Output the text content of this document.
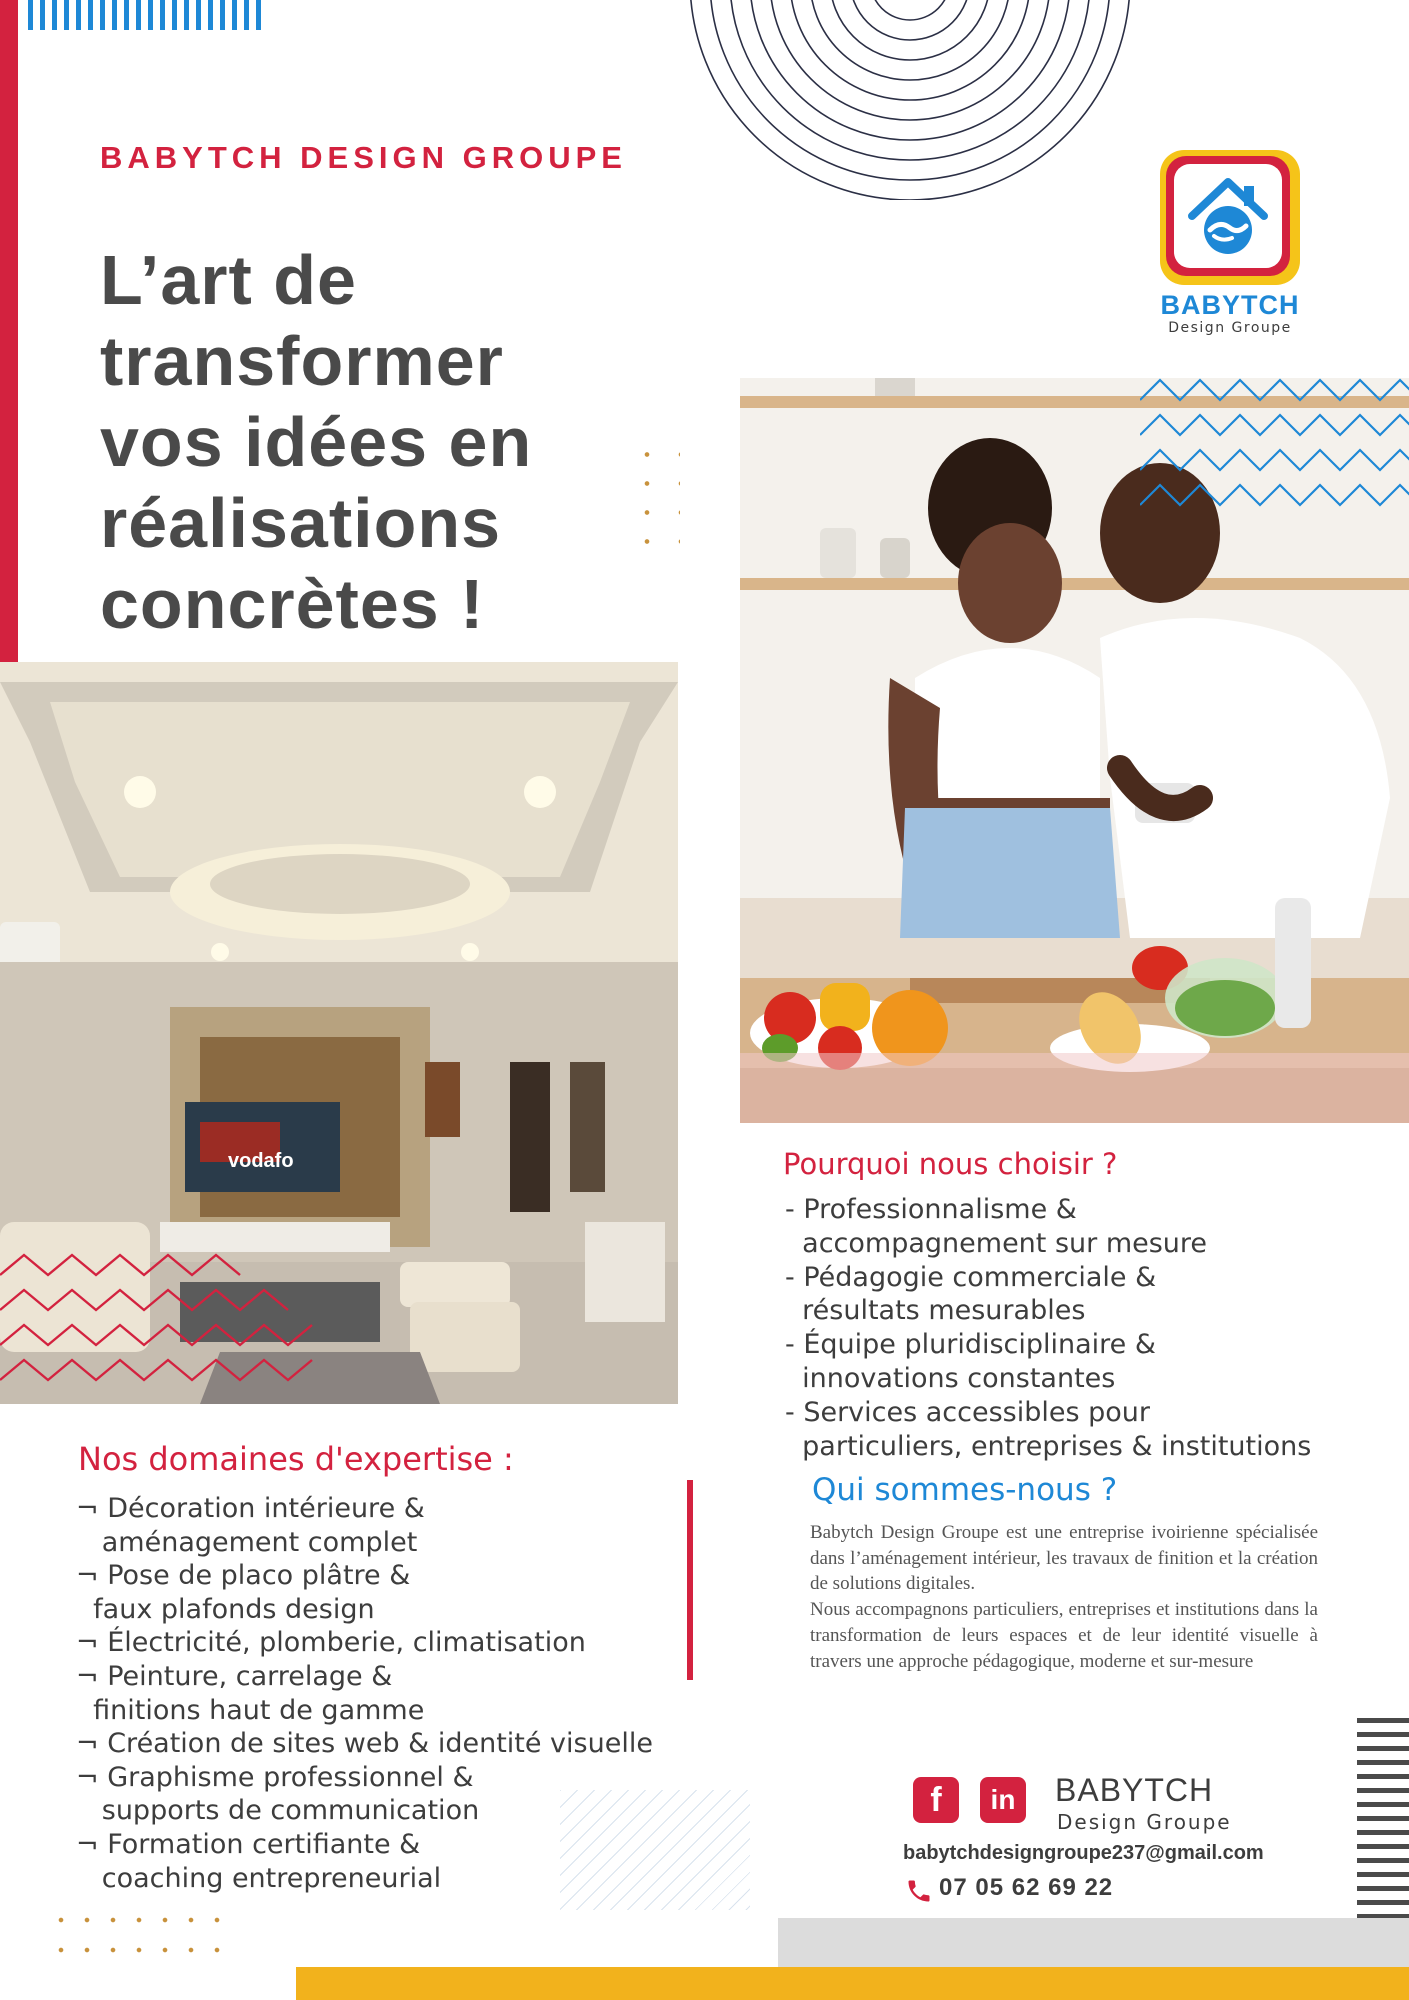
BABYTCH DESIGN GROUPE
L’art de
transformer
vos idées en
réalisations
concrètes !
BABYTCH
Design Groupe
vodafo	Pourquoi nous choisir ?
- Professionnalisme &
accompagnement sur mesure
- Pédagogie commerciale &
résultats mesurables
- Équipe pluridisciplinaire &
innovations constantes
- Services accessibles pour
particuliers, entreprises & institutions
Nos domaines d'expertise :
¬ Décoration intérieure &
aménagement complet
¬ Pose de placo plâtre &
faux plafonds design
¬ Électricité, plomberie, climatisation
¬ Peinture, carrelage &
finitions haut de gamme
¬ Création de sites web & identité visuelle
¬ Graphisme professionnel &
supports de communication
¬ Formation certifiante &
coaching entrepreneurial
Qui sommes-nous ?

Babytch Design Groupe est une entreprise ivoirienne spécialisée dans l’aménagement intérieur, les travaux de finition et la création de solutions digitales.

Nous accompagnons particuliers, entreprises et institutions dans la transformation de leurs espaces et de leur identité visuelle à travers une approche pédagogique, moderne et sur-mesure

f	in	BABYTCH
Design Groupe
babytchdesigngroupe237@gmail.com
07 05 62 69 22
